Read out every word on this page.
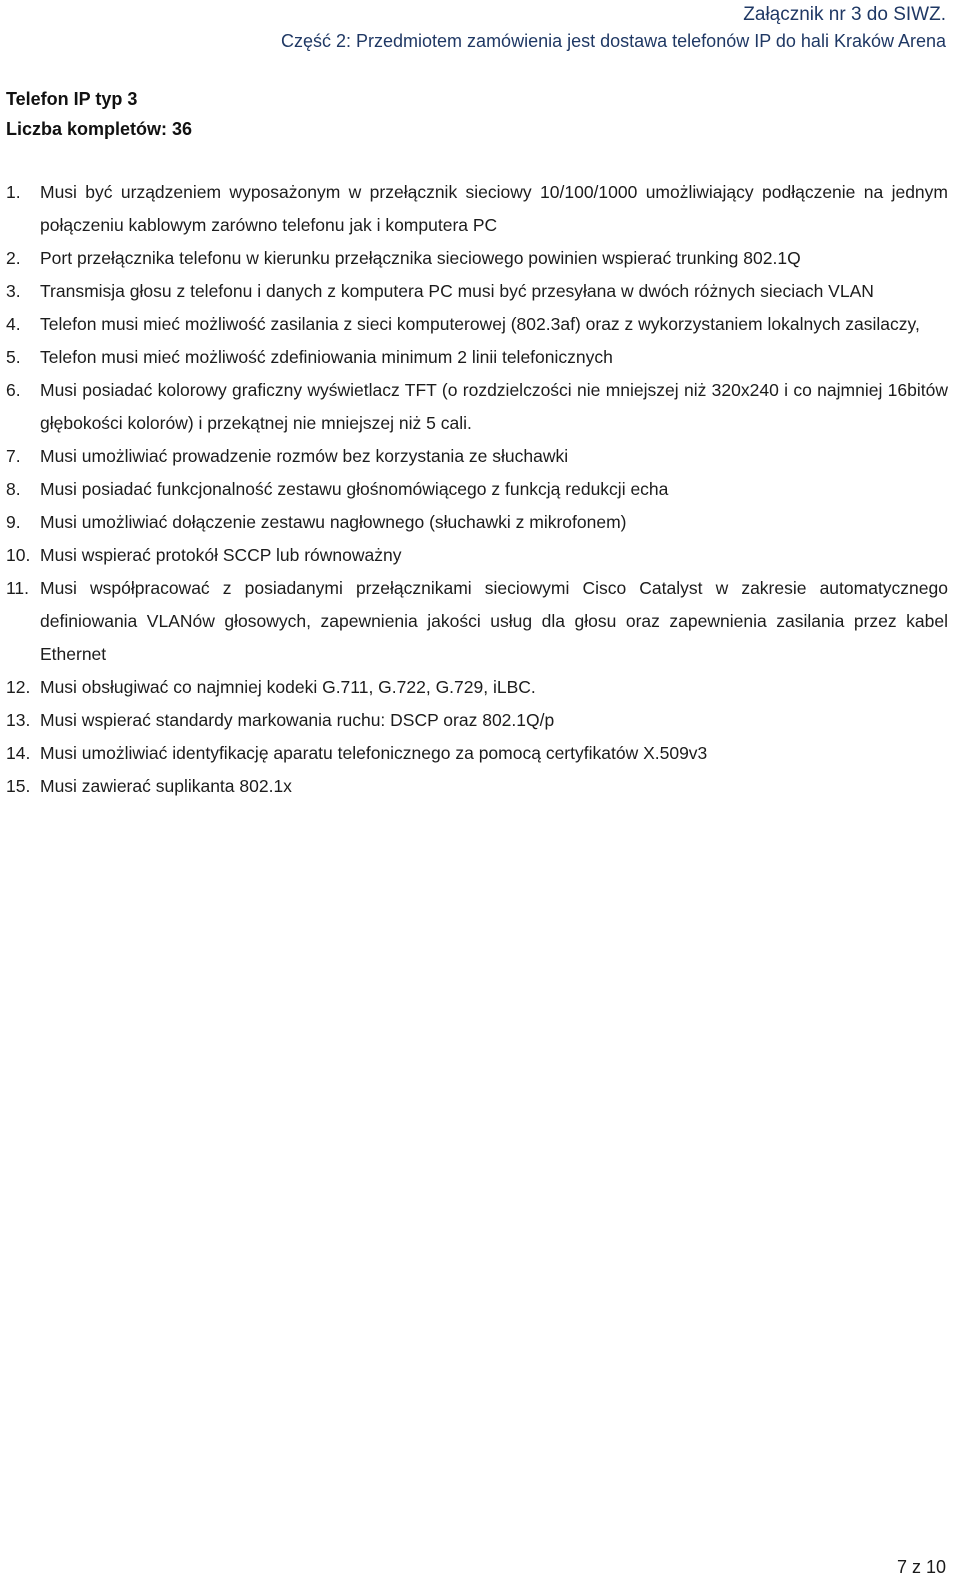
Załącznik nr 3 do SIWZ.
Część 2: Przedmiotem zamówienia jest dostawa telefonów IP do hali Kraków Arena
Telefon IP typ 3
Liczba kompletów: 36
1.	Musi być urządzeniem wyposażonym w przełącznik sieciowy 10/100/1000 umożliwiający podłączenie na jednym połączeniu kablowym zarówno telefonu jak i komputera PC
2.	Port przełącznika telefonu w kierunku przełącznika sieciowego powinien wspierać trunking 802.1Q
3.	Transmisja głosu z telefonu i danych z komputera PC musi być przesyłana w dwóch różnych sieciach VLAN
4.	Telefon musi mieć możliwość zasilania z sieci komputerowej (802.3af) oraz z wykorzystaniem lokalnych zasilaczy,
5.	Telefon musi mieć możliwość zdefiniowania minimum 2 linii telefonicznych
6.	Musi posiadać kolorowy graficzny wyświetlacz TFT (o rozdzielczości nie mniejszej niż 320x240 i co najmniej 16bitów głębokości kolorów) i przekątnej nie mniejszej niż 5 cali.
7.	Musi umożliwiać prowadzenie rozmów bez korzystania ze słuchawki
8.	Musi posiadać funkcjonalność zestawu głośnomówiącego z funkcją redukcji echa
9.	Musi umożliwiać dołączenie zestawu nagłownego (słuchawki z mikrofonem)
10. Musi wspierać protokół SCCP lub równoważny
11. Musi współpracować z posiadanymi przełącznikami sieciowymi Cisco Catalyst w zakresie automatycznego definiowania VLANów głosowych, zapewnienia jakości usług dla głosu oraz zapewnienia zasilania przez kabel Ethernet
12. Musi obsługiwać co najmniej kodeki G.711, G.722, G.729, iLBC.
13. Musi wspierać standardy markowania ruchu: DSCP oraz 802.1Q/p
14. Musi umożliwiać identyfikację aparatu telefonicznego za pomocą certyfikatów X.509v3
15. Musi zawierać suplikanta 802.1x
7 z 10
